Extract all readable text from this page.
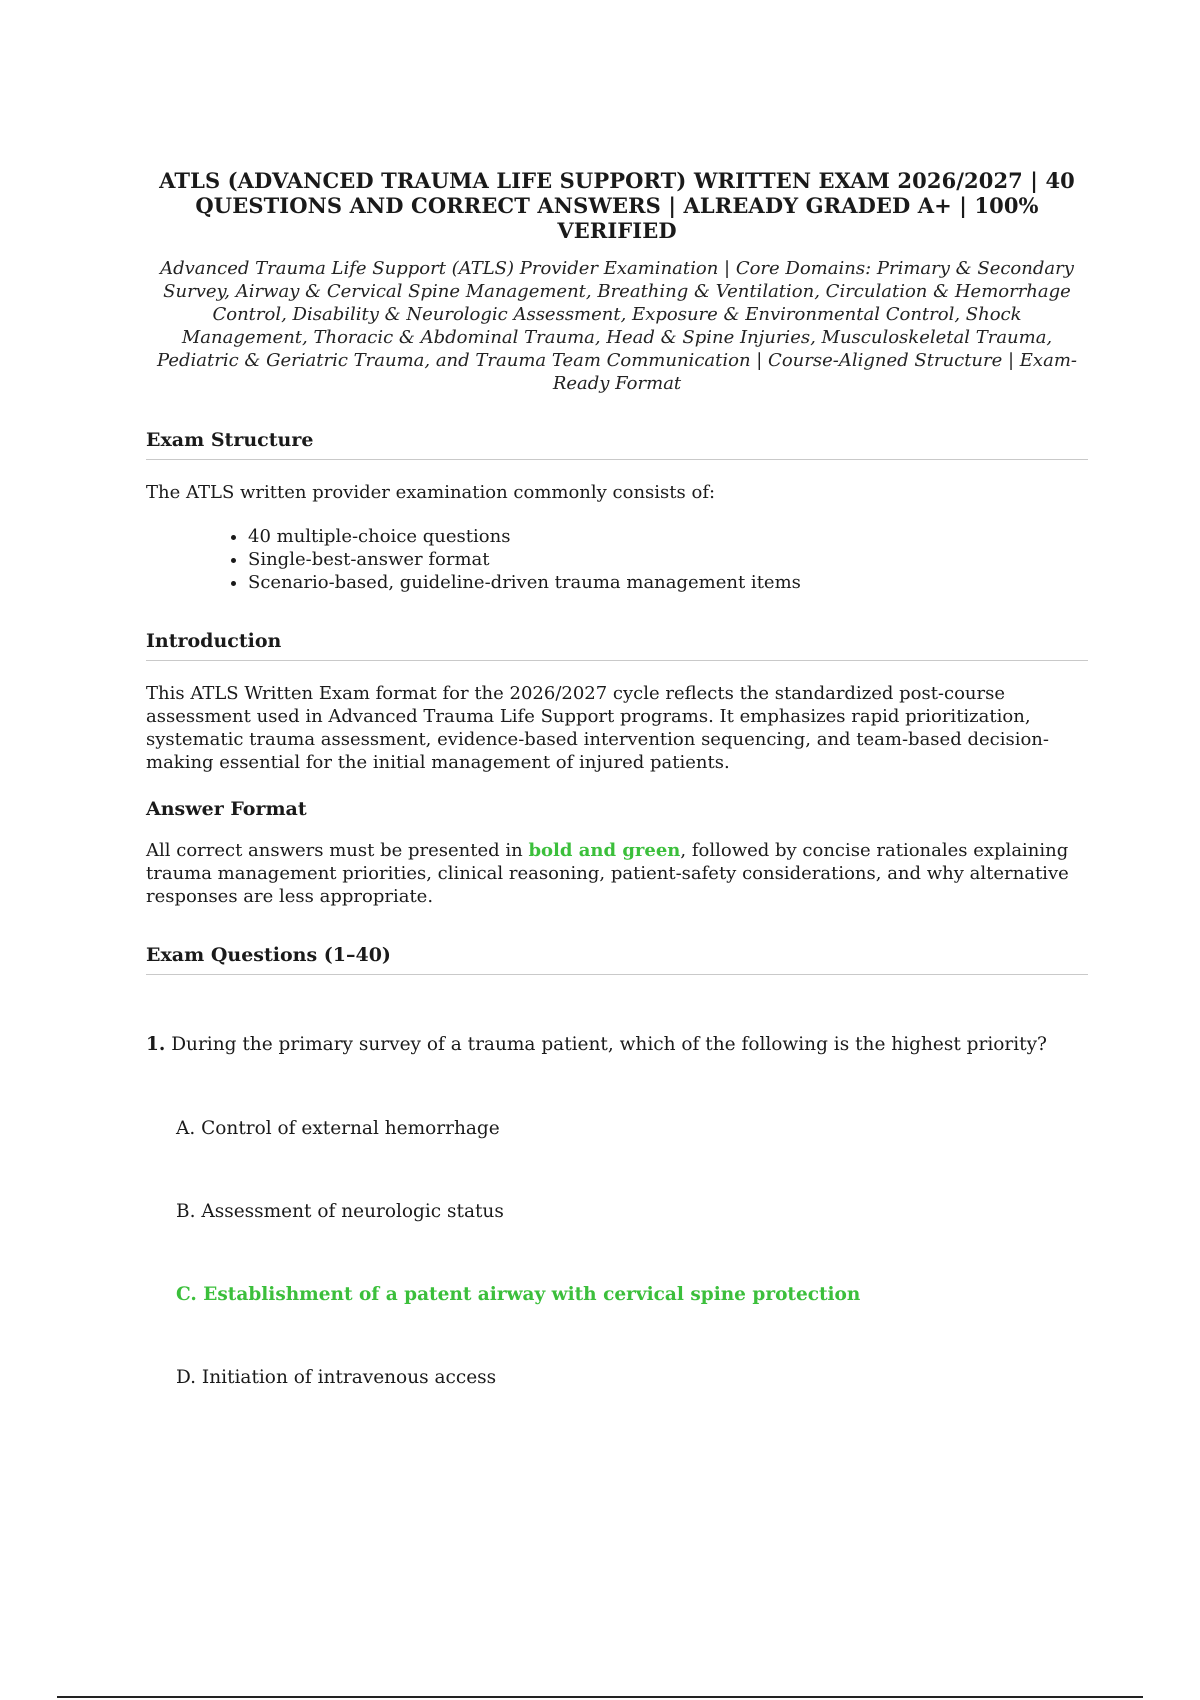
ATLS (ADVANCED TRAUMA LIFE SUPPORT) WRITTEN EXAM 2026/2027 | 40 QUESTIONS AND CORRECT ANSWERS | ALREADY GRADED A+ | 100% VERIFIED

Advanced Trauma Life Support (ATLS) Provider Examination | Core Domains: Primary & Secondary Survey, Airway & Cervical Spine Management, Breathing & Ventilation, Circulation & Hemorrhage Control, Disability & Neurologic Assessment, Exposure & Environmental Control, Shock Management, Thoracic & Abdominal Trauma, Head & Spine Injuries, Musculoskeletal Trauma, Pediatric & Geriatric Trauma, and Trauma Team Communication | Course-Aligned Structure | Exam-Ready Format

Exam Structure

The ATLS written provider examination commonly consists of:

• 40 multiple-choice questions
• Single-best-answer format
• Scenario-based, guideline-driven trauma management items
Introduction

This ATLS Written Exam format for the 2026/2027 cycle reflects the standardized post-course assessment used in Advanced Trauma Life Support programs. It emphasizes rapid prioritization, systematic trauma assessment, evidence-based intervention sequencing, and team-based decision-making essential for the initial management of injured patients.

Answer Format

All correct answers must be presented in bold and green, followed by concise rationales explaining trauma management priorities, clinical reasoning, patient-safety considerations, and why alternative responses are less appropriate.

Exam Questions (1–40)

1. During the primary survey of a trauma patient, which of the following is the highest priority?

A. Control of external hemorrhage

B. Assessment of neurologic status

C. Establishment of a patent airway with cervical spine protection

D. Initiation of intravenous access
